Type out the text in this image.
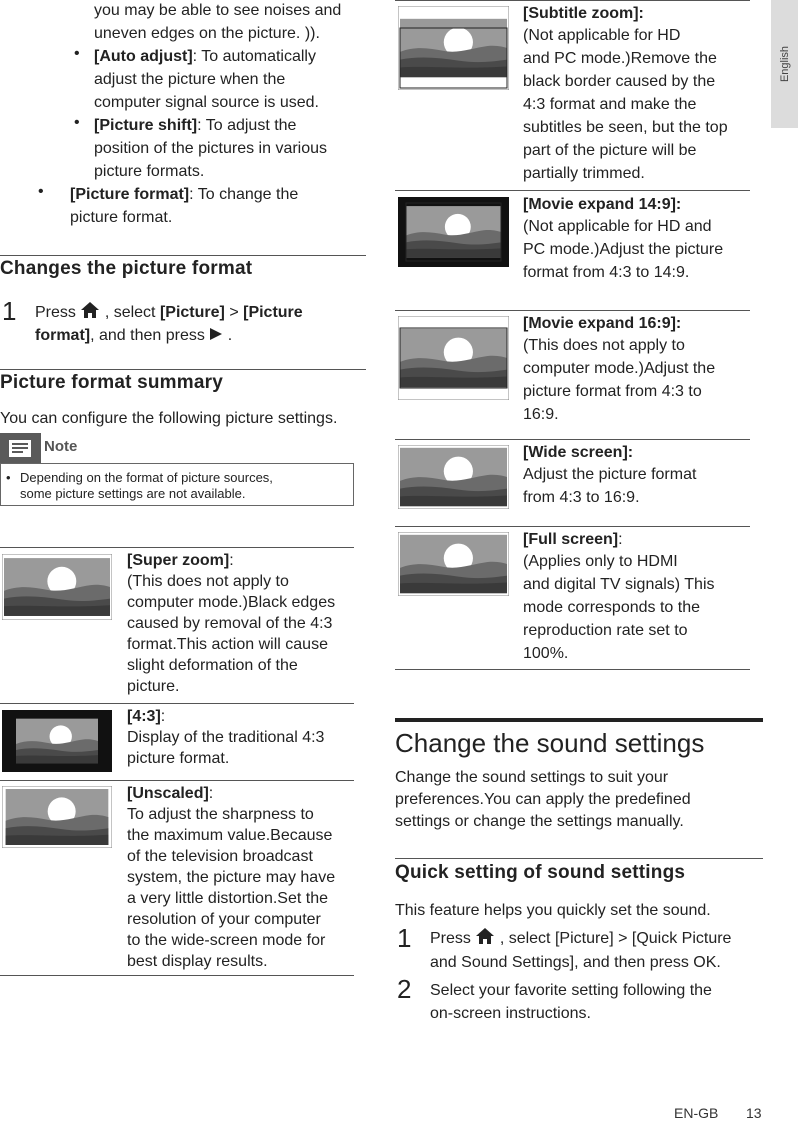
English
you may be able to see noises and
uneven edges on the picture. )).
• [Auto adjust]: To automatically
adjust the picture when the
computer signal source is used.
• [Picture shift]: To adjust the
position of the pictures in various
picture formats.
• [Picture format]: To change the
picture format.
Changes the picture format
1 Press , select [Picture] > [Picture
format], and then press .
Picture format summary
You can configure the following picture settings.
Note
• Depending on the format of picture sources,
some picture settings are not available.
[Super zoom]:
(This does not apply to
computer mode.)Black edges
caused by removal of the 4:3
format.This action will cause
slight deformation of the
picture.
[4:3]:
Display of the traditional 4:3
picture format.
[Unscaled]:
To adjust the sharpness to
the maximum value.Because
of the television broadcast
system, the picture may have
a very little distortion.Set the
resolution of your computer
to the wide-screen mode for
best display results.
[Subtitle zoom]:
(Not applicable for HD
and PC mode.)Remove the
black border caused by the
4:3 format and make the
subtitles be seen, but the top
part of the picture will be
partially trimmed.
[Movie expand 14:9]:
(Not applicable for HD and
PC mode.)Adjust the picture
format from 4:3 to 14:9.
[Movie expand 16:9]:
(This does not apply to
computer mode.)Adjust the
picture format from 4:3 to
16:9.
[Wide screen]:
Adjust the picture format
from 4:3 to 16:9.
[Full screen]:
(Applies only to HDMI
and digital TV signals) This
mode corresponds to the
reproduction rate set to
100%.
Change the sound settings
Change the sound settings to suit your
preferences.You can apply the predefined
settings or change the settings manually.
Quick setting of sound settings
This feature helps you quickly set the sound.
1 Press , select [Picture] > [Quick Picture
and Sound Settings], and then press OK.
2 Select your favorite setting following the
on-screen instructions.
EN-GB 13
